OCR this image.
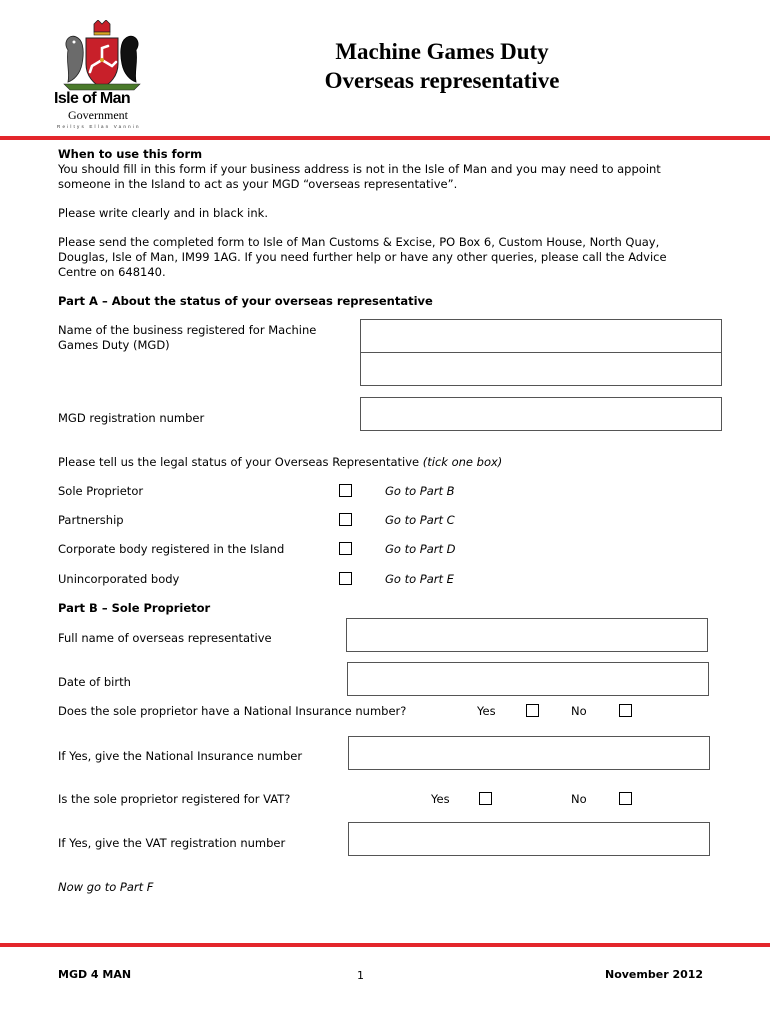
Isle of Man
Government
Reiltys Ellan Vannin
Machine Games Duty
Overseas representative
When to use this form
You should fill in this form if your business address is not in the Isle of Man and you may need to appoint
someone in the Island to act as your MGD “overseas representative”.
Please write clearly and in black ink.
Please send the completed form to Isle of Man Customs & Excise, PO Box 6, Custom House, North Quay,
Douglas, Isle of Man, IM99 1AG. If you need further help or have any other queries, please call the Advice
Centre on 648140.
Part A – About the status of your overseas representative
Name of the business registered for Machine
Games Duty (MGD)
MGD registration number
Please tell us the legal status of your Overseas Representative (tick one box)
Sole Proprietor	Go to Part B
Partnership	Go to Part C
Corporate body registered in the Island	Go to Part D
Unincorporated body	Go to Part E
Part B – Sole Proprietor
Full name of overseas representative
Date of birth
Does the sole proprietor have a National Insurance number?	Yes	No
If Yes, give the National Insurance number
Is the sole proprietor registered for VAT?	Yes	No
If Yes, give the VAT registration number
Now go to Part F
MGD 4 MAN	1	November 2012
